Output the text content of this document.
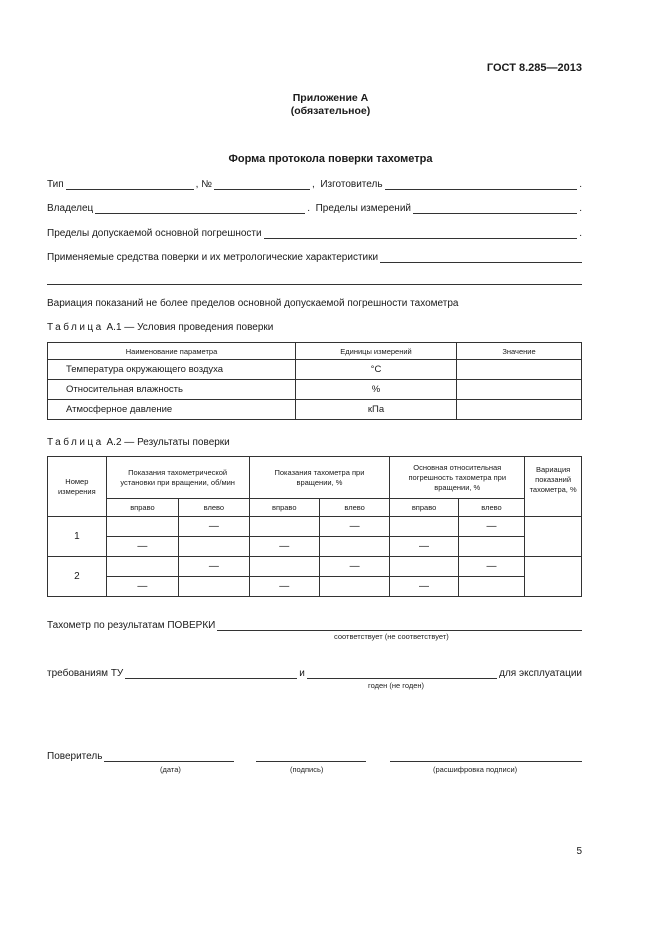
ГОСТ 8.285—2013
Приложение А
(обязательное)
Форма протокола поверки тахометра
Тип	, №	, Изготовитель	.
Владелец	. Пределы измерений	.
Пределы допускаемой основной погрешности	.
Применяемые средства поверки и их метрологические характеристики
Вариация показаний не более пределов основной допускаемой погрешности тахометра
Таблица А.1 — Условия проведения поверки
Наименование параметра	Единицы измерений	Значение
Температура окружающего воздуха	°С	
Относительная влажность	%	
Атмосферное давление	кПа	
Таблица А.2 — Результаты поверки
Номер измерения	Показания тахометрической установки при вращении, об/мин		Показания тахометра при вращении, %		Основная относительная погрешность тахометра при вращении, %		Вариация показаний тахометра, %
	вправо	влево	вправо	влево	вправо	влево	
1		—		—		—	
	—		—		—		
2		—		—		—	
	—		—		—		
Тахометр по результатам ПОВЕРКИ
соответствует (не соответствует)
требованиям ТУ	и	для эксплуатации
годен (не годен)
Поверитель
(дата)	(подпись)	(расшифровка подписи)
5
